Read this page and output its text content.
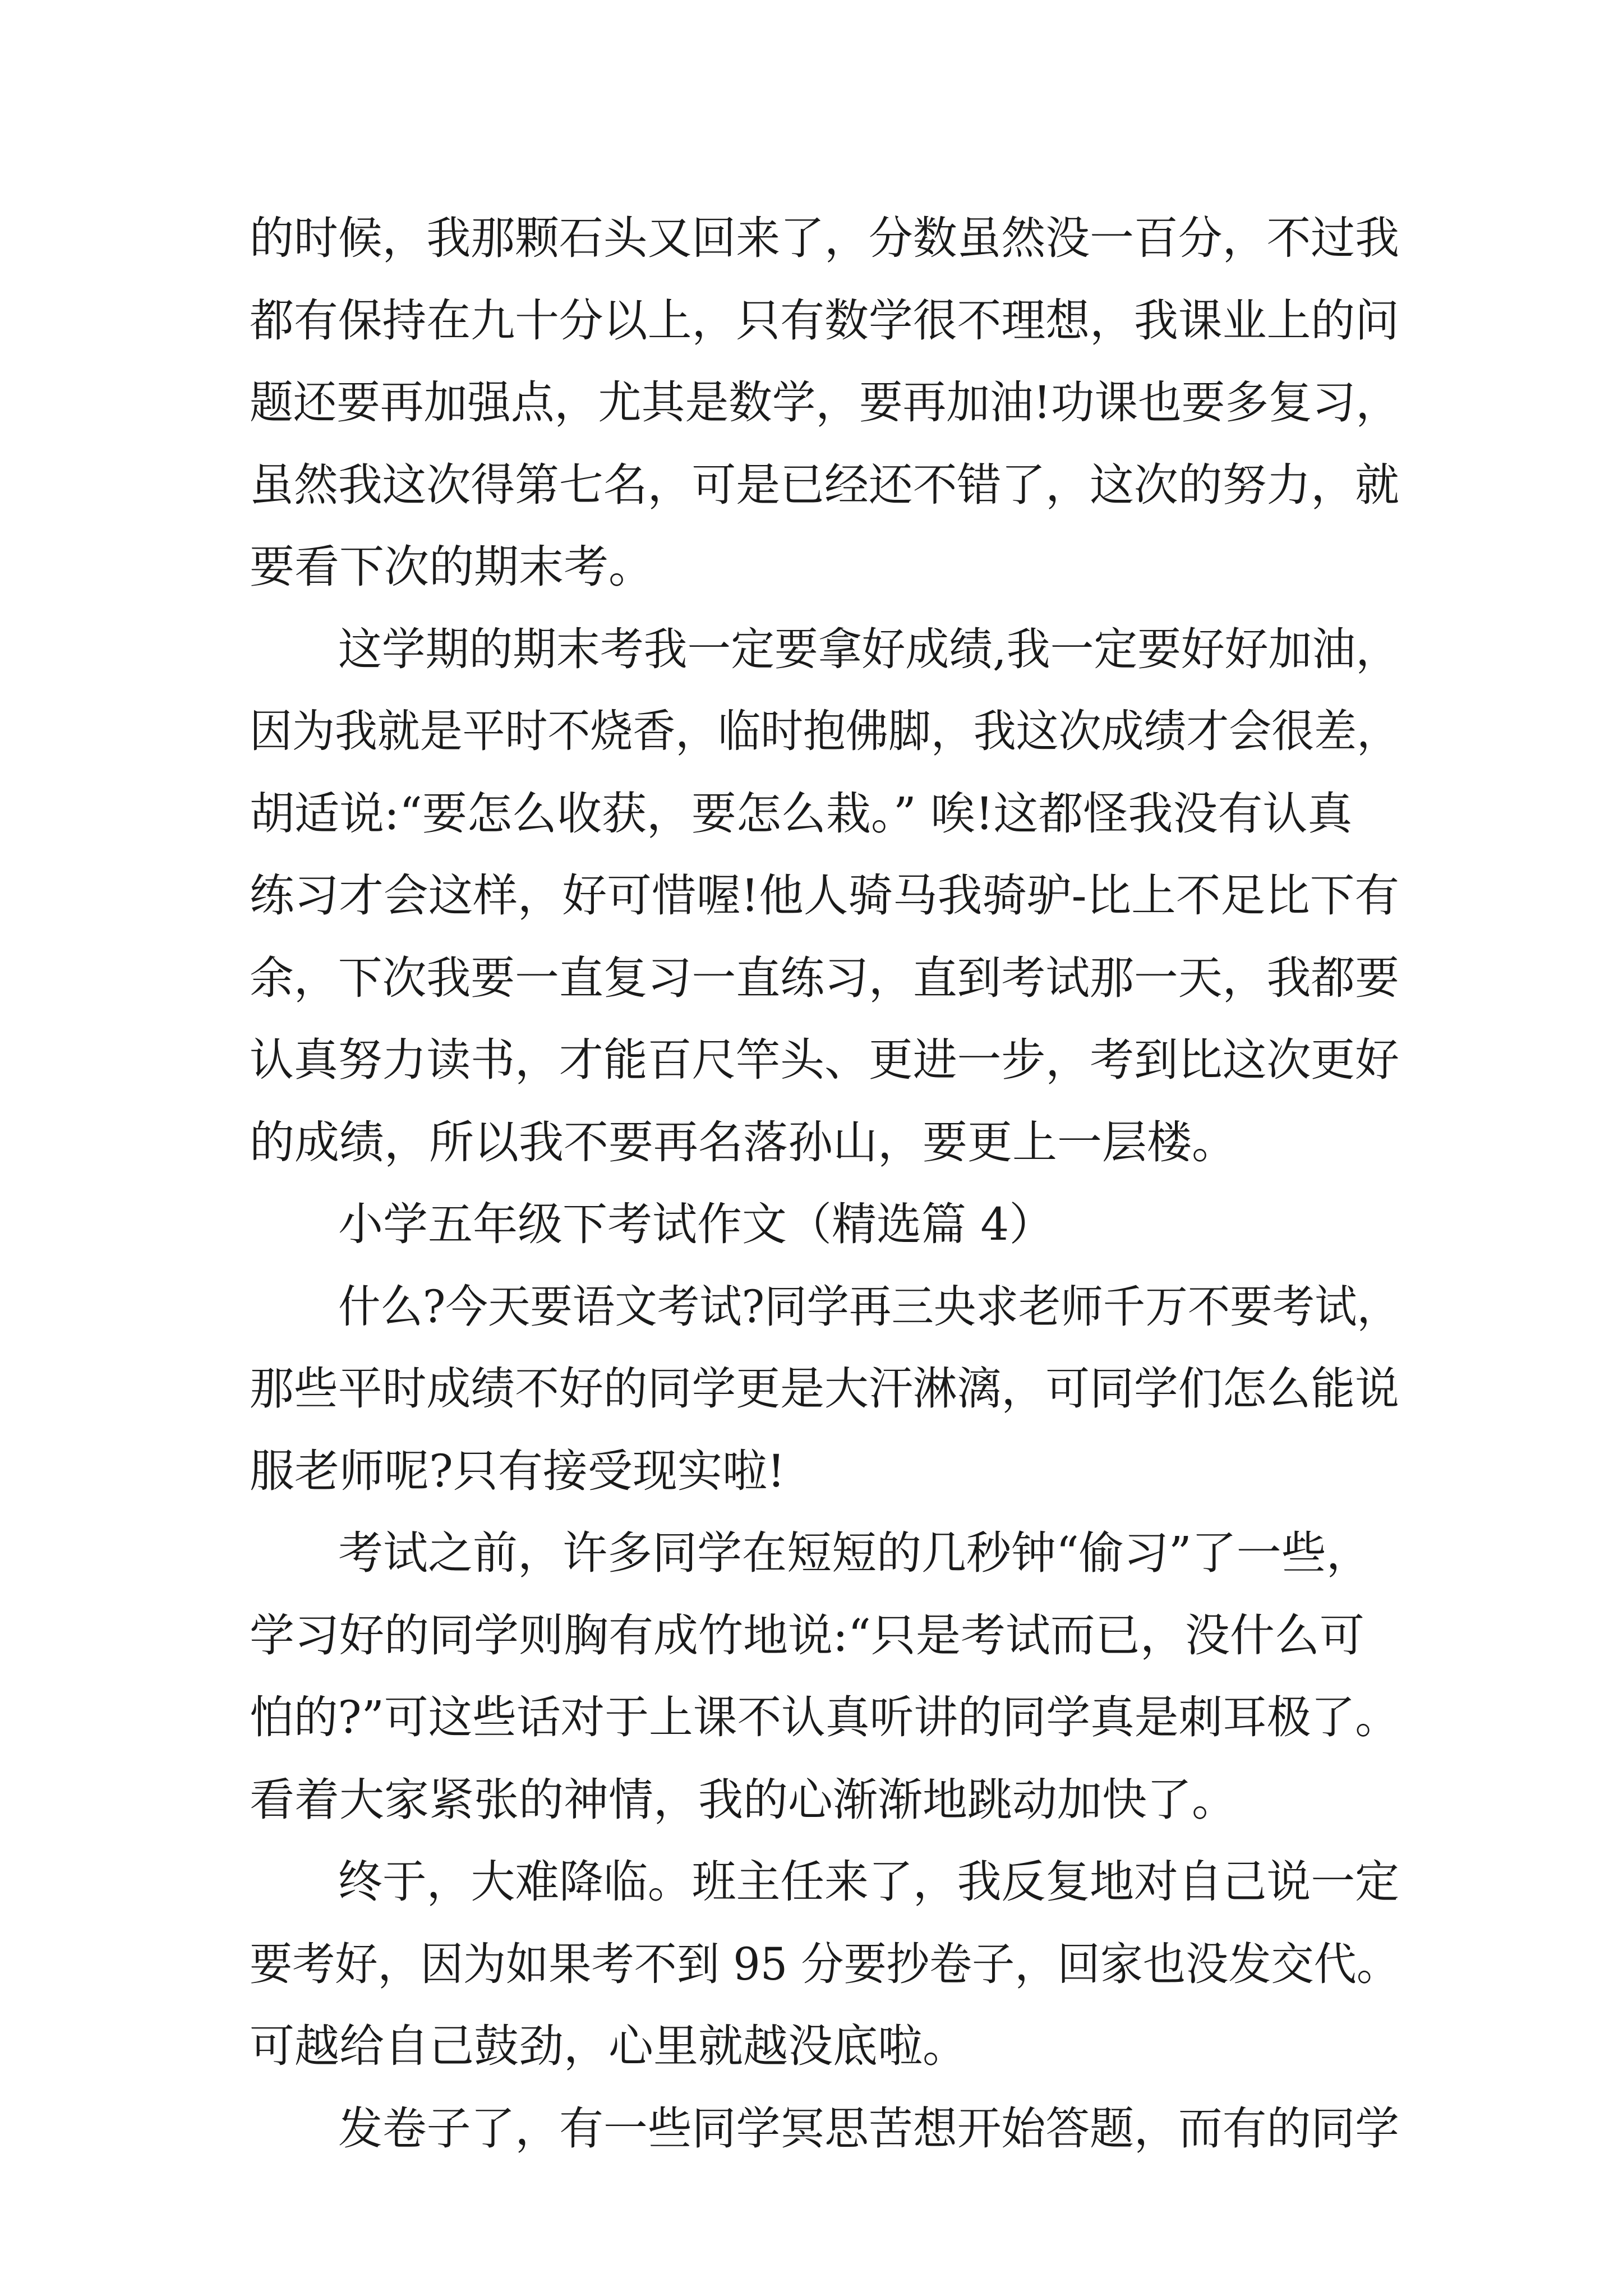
的时候，我那颗石头又回来了，分数虽然没一百分，不过我
都有保持在九十分以上，只有数学很不理想，我课业上的问
题还要再加强点，尤其是数学，要再加油!功课也要多复习，
虽然我这次得第七名，可是已经还不错了，这次的努力，就
要看下次的期末考。
这学期的期末考我一定要拿好成绩,我一定要好好加油，
因为我就是平时不烧香，临时抱佛脚，我这次成绩才会很差，
胡适说:“要怎么收获，要怎么栽。” 唉!这都怪我没有认真
练习才会这样，好可惜喔!他人骑马我骑驴-比上不足比下有
余，下次我要一直复习一直练习，直到考试那一天，我都要
认真努力读书，才能百尺竿头、更进一步，考到比这次更好
的成绩，所以我不要再名落孙山，要更上一层楼。
小学五年级下考试作文（精选篇 4）
什么?今天要语文考试?同学再三央求老师千万不要考试，
那些平时成绩不好的同学更是大汗淋漓，可同学们怎么能说
服老师呢?只有接受现实啦!
考试之前，许多同学在短短的几秒钟“偷习”了一些，
学习好的同学则胸有成竹地说:“只是考试而已，没什么可
怕的?”可这些话对于上课不认真听讲的同学真是刺耳极了。
看着大家紧张的神情，我的心渐渐地跳动加快了。
终于，大难降临。班主任来了，我反复地对自己说一定
要考好，因为如果考不到 95 分要抄卷子，回家也没发交代。
可越给自己鼓劲，心里就越没底啦。
发卷子了，有一些同学冥思苦想开始答题，而有的同学
